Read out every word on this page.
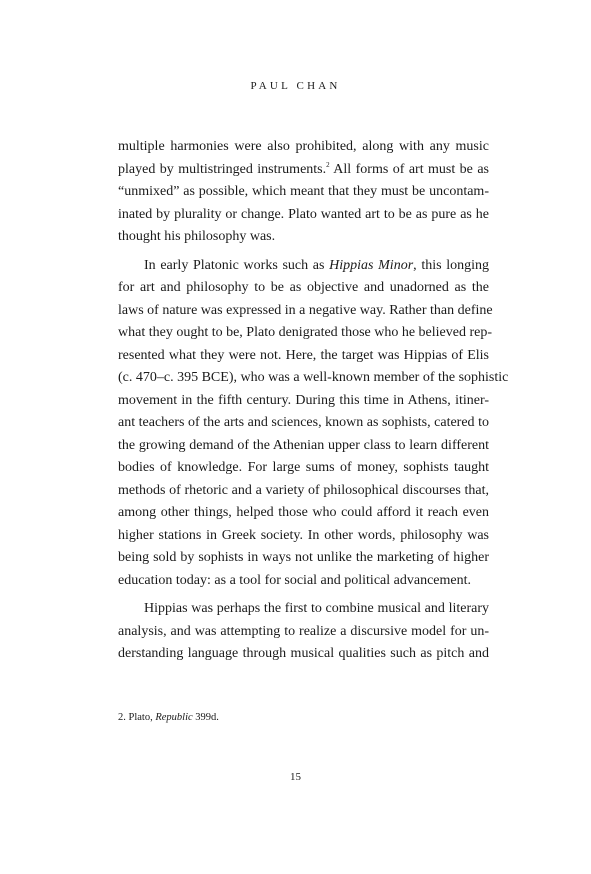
PAUL CHAN
multiple harmonies were also prohibited, along with any music
played by multistringed instruments.$^2$ All forms of art must be as
“unmixed” as possible, which meant that they must be uncontam-
inated by plurality or change. Plato wanted art to be as pure as he
thought his philosophy was.
In early Platonic works such as Hippias Minor, this longing
for art and philosophy to be as objective and unadorned as the
laws of nature was expressed in a negative way. Rather than define
what they ought to be, Plato denigrated those who he believed rep-
resented what they were not. Here, the target was Hippias of Elis
(c. 470–c. 395 BCE), who was a well-known member of the sophistic
movement in the fifth century. During this time in Athens, itiner-
ant teachers of the arts and sciences, known as sophists, catered to
the growing demand of the Athenian upper class to learn different
bodies of knowledge. For large sums of money, sophists taught
methods of rhetoric and a variety of philosophical discourses that,
among other things, helped those who could afford it reach even
higher stations in Greek society. In other words, philosophy was
being sold by sophists in ways not unlike the marketing of higher
education today: as a tool for social and political advancement.
Hippias was perhaps the first to combine musical and literary
analysis, and was attempting to realize a discursive model for un-
derstanding language through musical qualities such as pitch and
2. Plato, Republic 399d.
15
